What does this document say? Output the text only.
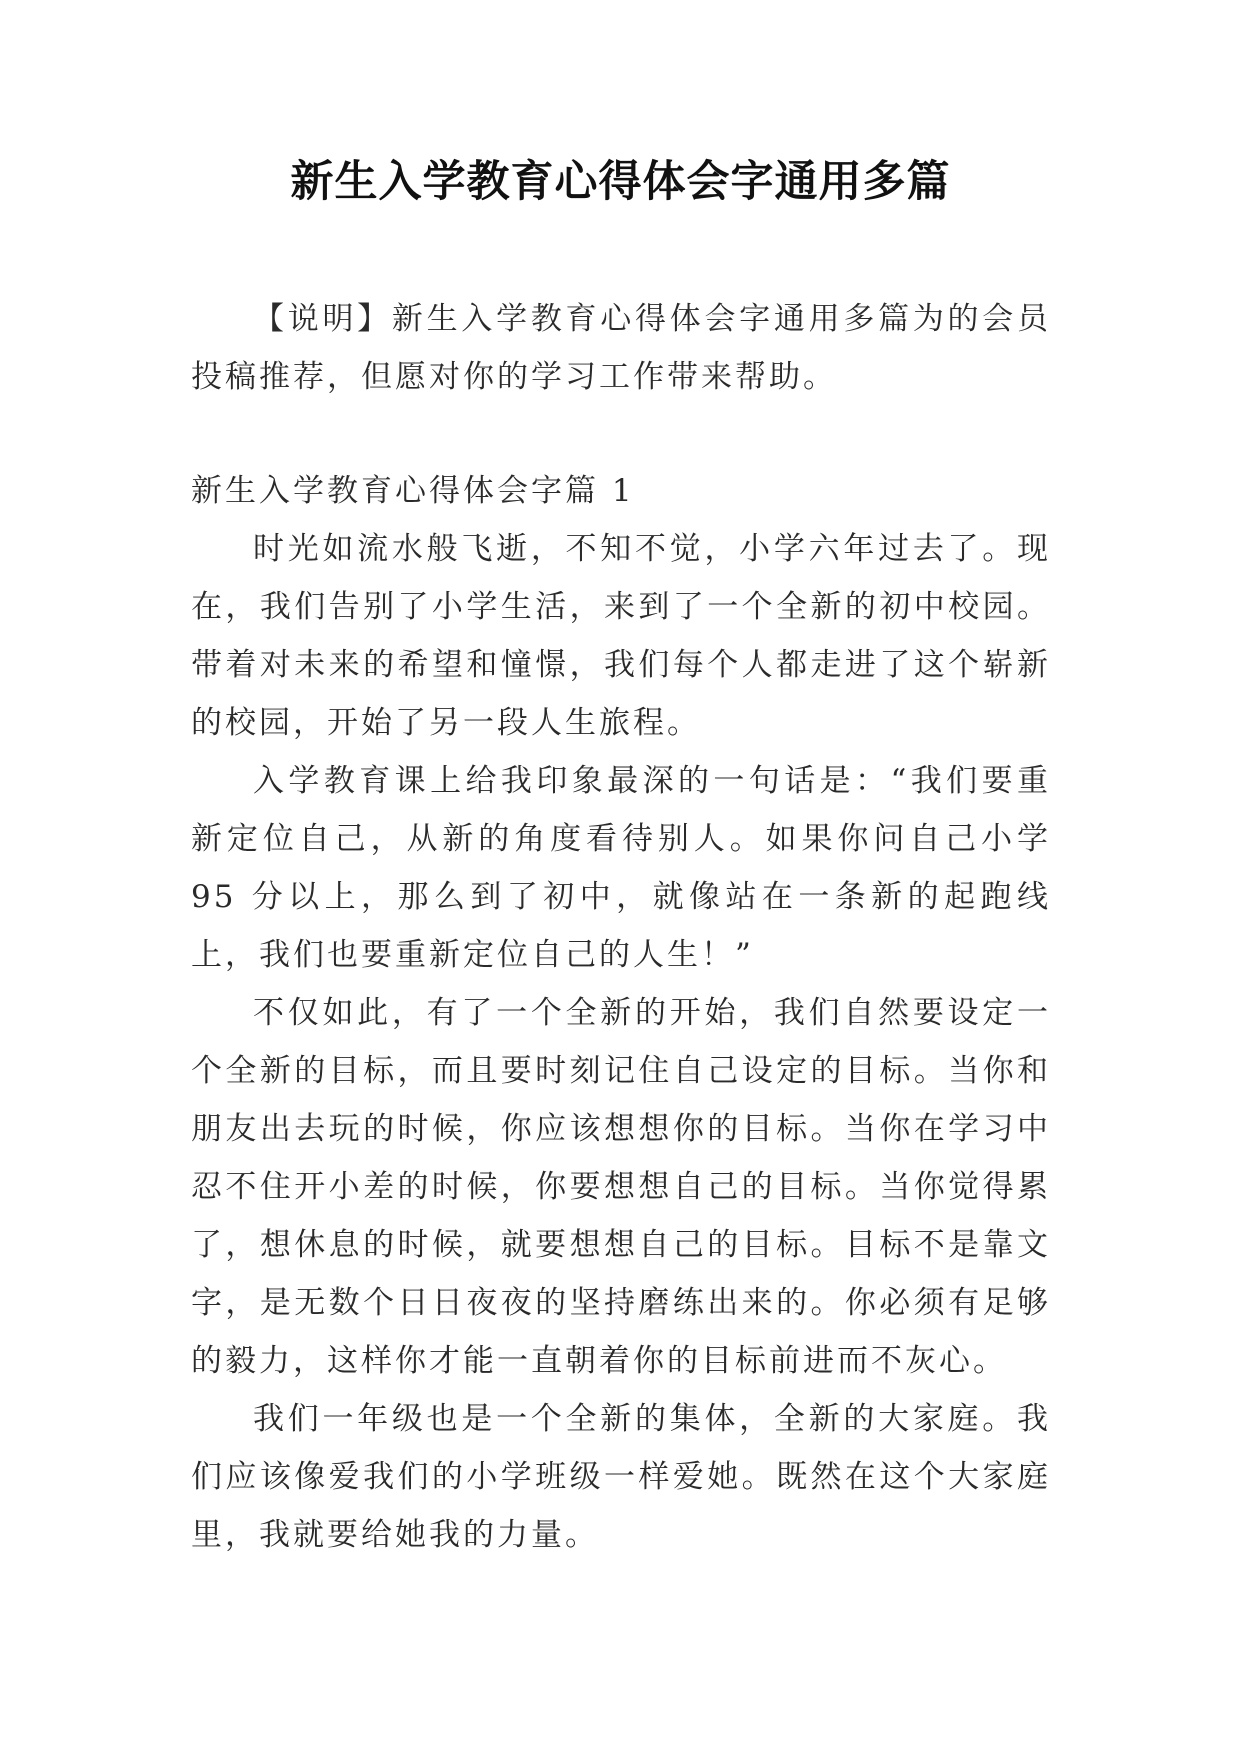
新生入学教育心得体会字通用多篇
【说明】新生入学教育心得体会字通用多篇为的会员投稿推荐，但愿对你的学习工作带来帮助。
新生入学教育心得体会字篇 1

时光如流水般飞逝，不知不觉，小学六年过去了。现在，我们告别了小学生活，来到了一个全新的初中校园。带着对未来的希望和憧憬，我们每个人都走进了这个崭新的校园，开始了另一段人生旅程。

入学教育课上给我印象最深的一句话是：“我们要重新定位自己，从新的角度看待别人。如果你问自己小学 95 分以上，那么到了初中，就像站在一条新的起跑线上，我们也要重新定位自己的人生！”

不仅如此，有了一个全新的开始，我们自然要设定一个全新的目标，而且要时刻记住自己设定的目标。当你和朋友出去玩的时候，你应该想想你的目标。当你在学习中忍不住开小差的时候，你要想想自己的目标。当你觉得累了，想休息的时候，就要想想自己的目标。目标不是靠文字，是无数个日日夜夜的坚持磨练出来的。你必须有足够的毅力，这样你才能一直朝着你的目标前进而不灰心。

我们一年级也是一个全新的集体，全新的大家庭。我们应该像爱我们的小学班级一样爱她。既然在这个大家庭里，我就要给她我的力量。
